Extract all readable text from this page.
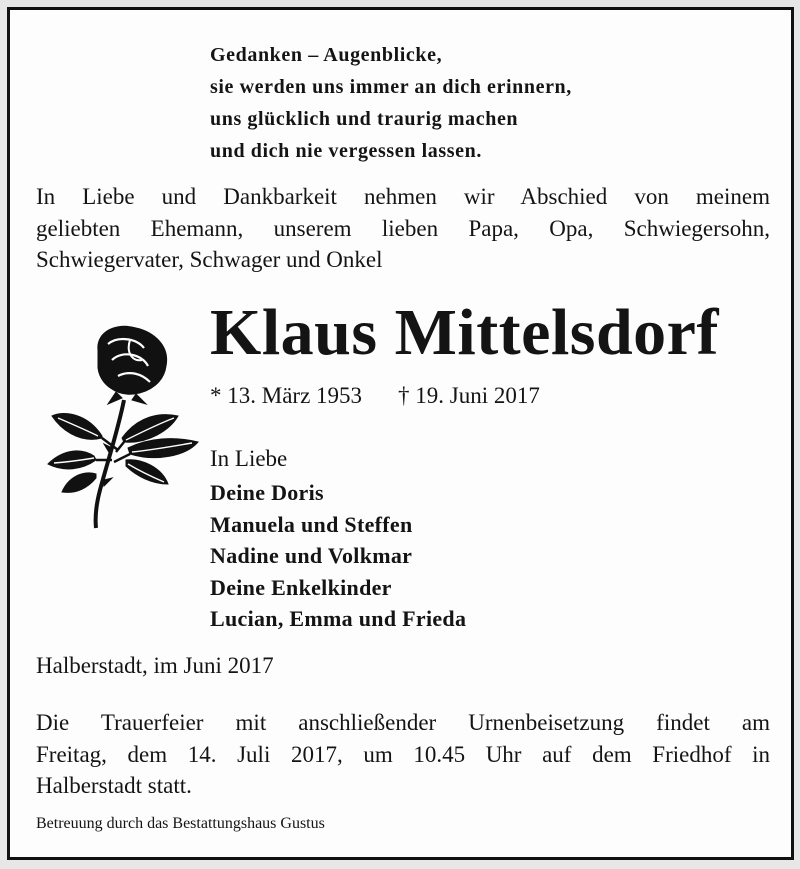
Gedanken – Augenblicke,
sie werden uns immer an dich erinnern,
uns glücklich und traurig machen
und dich nie vergessen lassen.
In Liebe und Dankbarkeit nehmen wir Abschied von meinem
geliebten Ehemann, unserem lieben Papa, Opa, Schwiegersohn,
Schwiegervater, Schwager und Onkel
Klaus Mittelsdorf
* 13. März 1953 † 19. Juni 2017
In Liebe
Deine Doris
Manuela und Steffen
Nadine und Volkmar
Deine Enkelkinder
Lucian, Emma und Frieda
Halberstadt, im Juni 2017
Die Trauerfeier mit anschließender Urnenbeisetzung findet am
Freitag, dem 14. Juli 2017, um 10.45 Uhr auf dem Friedhof in
Halberstadt statt.
Betreuung durch das Bestattungshaus Gustus
